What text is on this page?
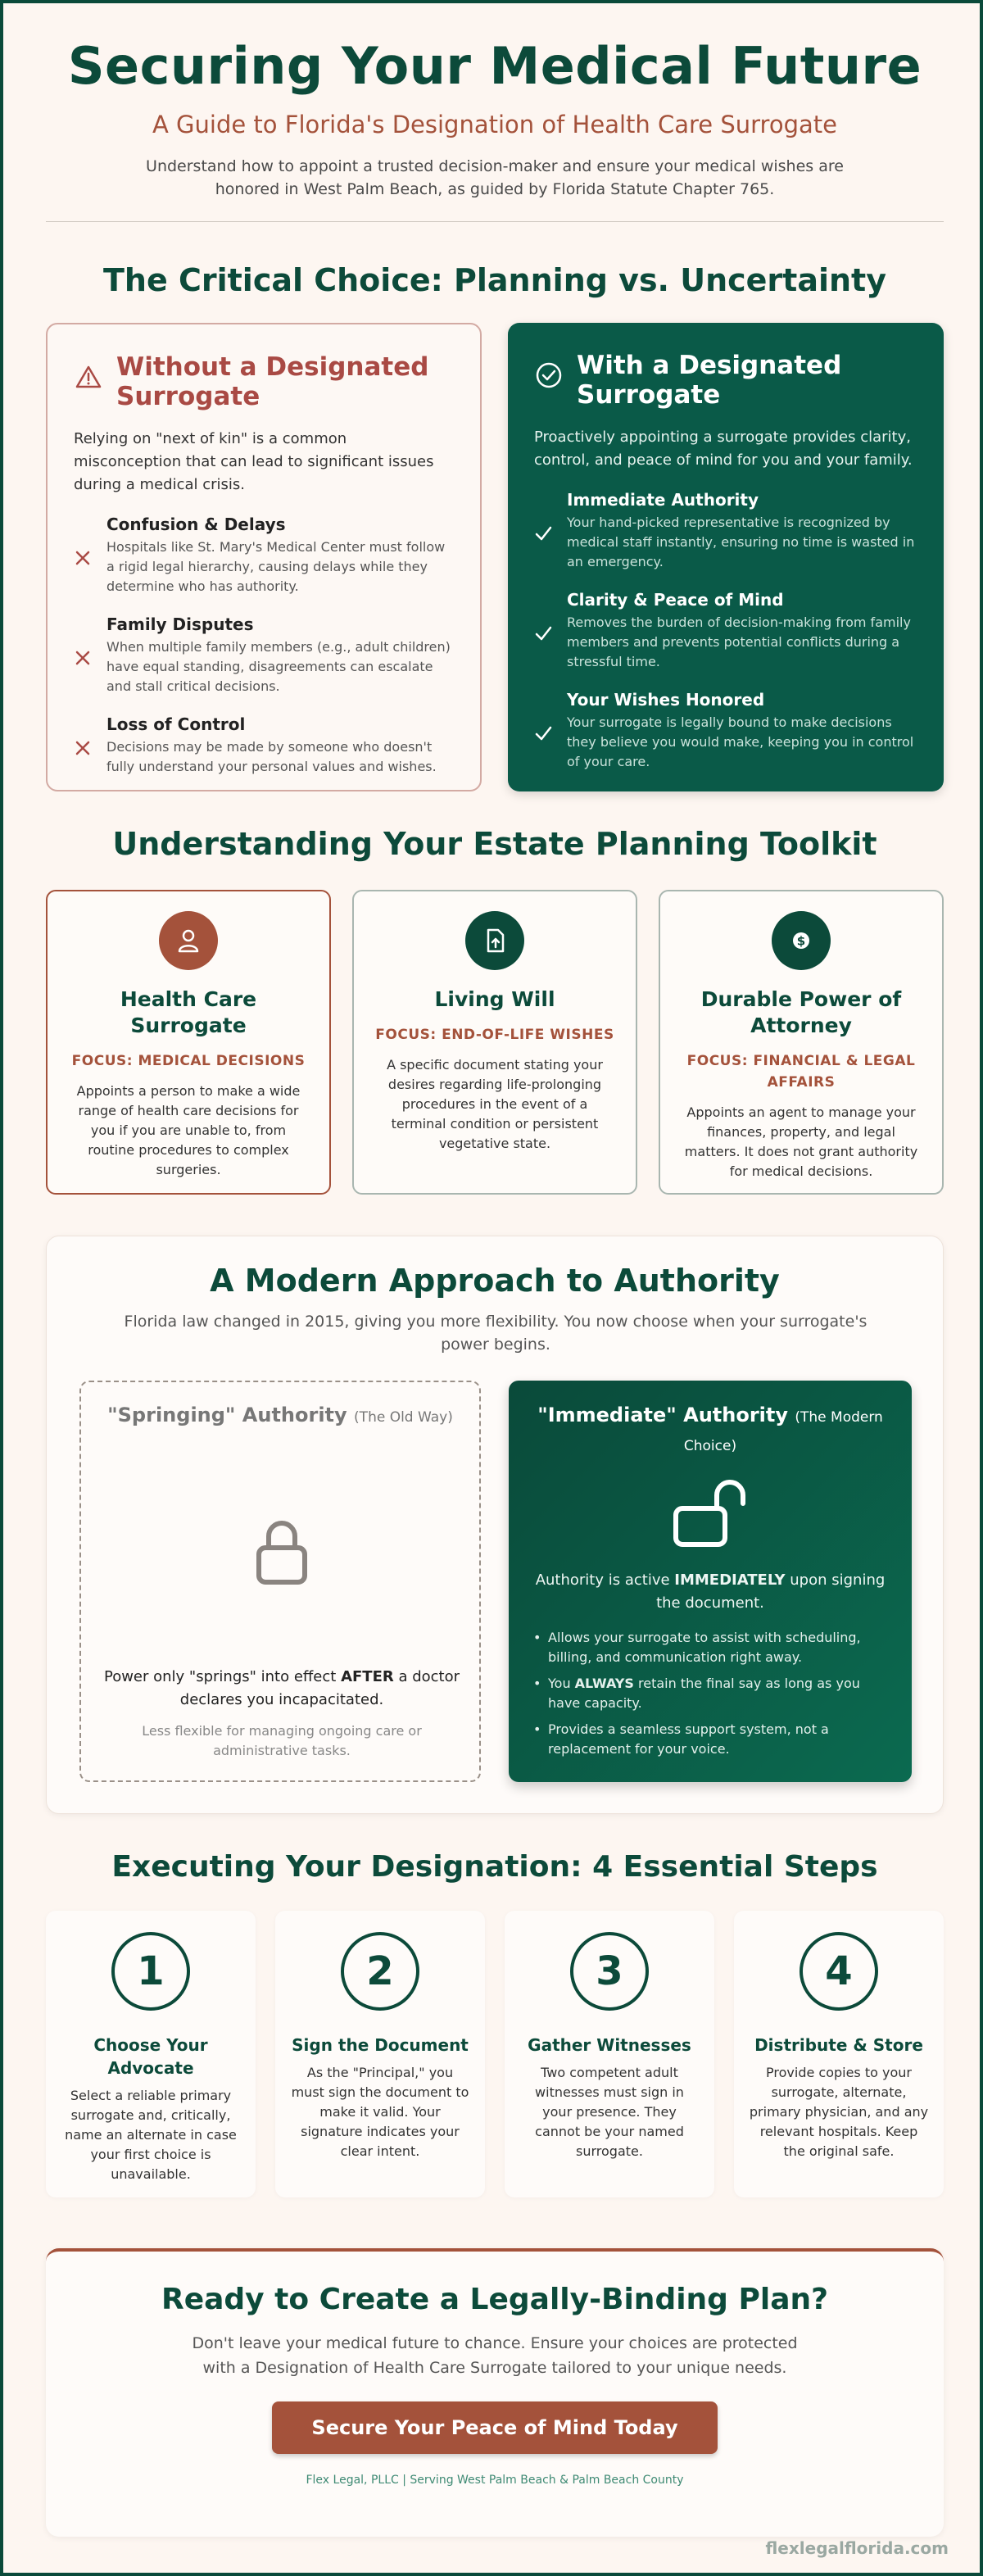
Securing Your Medical Future
A Guide to Florida's Designation of Health Care Surrogate

Understand how to appoint a trusted decision-maker and ensure your medical wishes are honored in West Palm Beach, as guided by Florida Statute Chapter 765.

The Critical Choice: Planning vs. Uncertainty
Without a Designated Surrogate

Relying on "next of kin" is a common misconception that can lead to significant issues during a medical crisis.

Confusion & Delays

Hospitals like St. Mary's Medical Center must follow a rigid legal hierarchy, causing delays while they determine who has authority.

Family Disputes

When multiple family members (e.g., adult children) have equal standing, disagreements can escalate and stall critical decisions.

Loss of Control

Decisions may be made by someone who doesn't fully understand your personal values and wishes.

With a Designated Surrogate

Proactively appointing a surrogate provides clarity, control, and peace of mind for you and your family.

Immediate Authority

Your hand-picked representative is recognized by medical staff instantly, ensuring no time is wasted in an emergency.

Clarity & Peace of Mind

Removes the burden of decision-making from family members and prevents potential conflicts during a stressful time.

Your Wishes Honored

Your surrogate is legally bound to make decisions they believe you would make, keeping you in control of your care.

Understanding Your Estate Planning Toolkit
Health Care Surrogate
FOCUS: MEDICAL DECISIONS

Appoints a person to make a wide range of health care decisions for you if you are unable to, from routine procedures to complex surgeries.

Living Will
FOCUS: END-OF-LIFE WISHES

A specific document stating your desires regarding life-prolonging procedures in the event of a terminal condition or persistent vegetative state.

$
Durable Power of Attorney
FOCUS: FINANCIAL & LEGAL AFFAIRS

Appoints an agent to manage your finances, property, and legal matters. It does not grant authority for medical decisions.

A Modern Approach to Authority
Florida law changed in 2015, giving you more flexibility. You now choose when your surrogate's power begins.
"Springing" Authority (The Old Way)
Power only "springs" into effect AFTER a doctor declares you incapacitated.
Less flexible for managing ongoing care or administrative tasks.
"Immediate" Authority (The Modern Choice)
Authority is active IMMEDIATELY upon signing the document.
• Allows your surrogate to assist with scheduling, billing, and communication right away.
• You ALWAYS retain the final say as long as you have capacity.
• Provides a seamless support system, not a replacement for your voice.
Executing Your Designation: 4 Essential Steps
1
Choose Your Advocate

Select a reliable primary surrogate and, critically, name an alternate in case your first choice is unavailable.

2
Sign the Document

As the "Principal," you must sign the document to make it valid. Your signature indicates your clear intent.

3
Gather Witnesses

Two competent adult witnesses must sign in your presence. They cannot be your named surrogate.

4
Distribute & Store

Provide copies to your surrogate, alternate, primary physician, and any relevant hospitals. Keep the original safe.

Ready to Create a Legally-Binding Plan?

Don't leave your medical future to chance. Ensure your choices are protected with a Designation of Health Care Surrogate tailored to your unique needs.

Secure Your Peace of Mind Today
Flex Legal, PLLC | Serving West Palm Beach & Palm Beach County
flexlegalflorida.com
